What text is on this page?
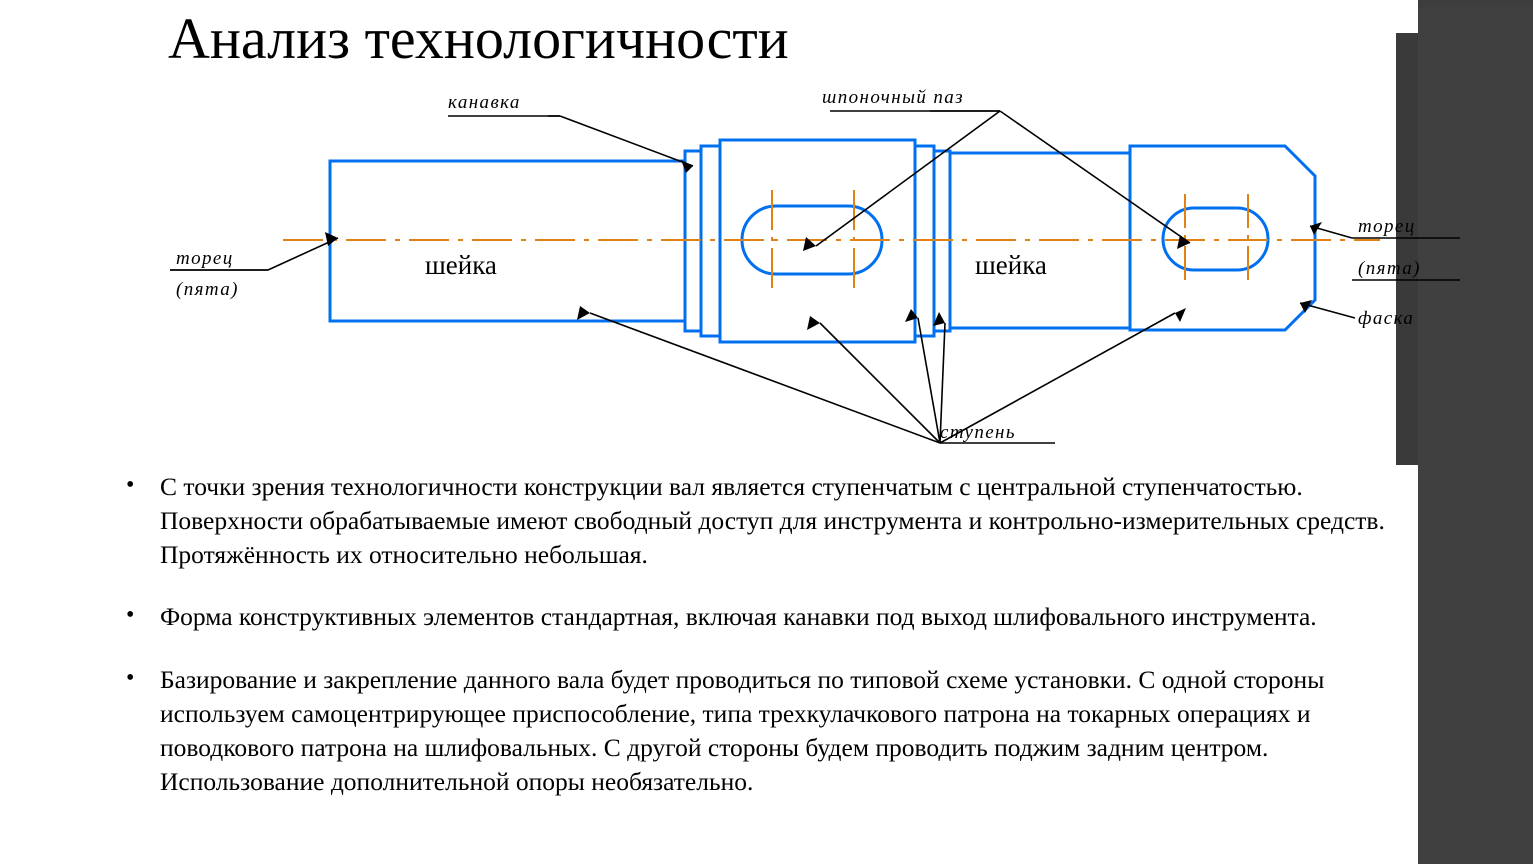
Анализ технологичности
канавка	шпоночный паз
торец
(пята)
торец
(пята)
фаска
ступень
шейка	шейка
• С точки зрения технологичности конструкции вал является ступенчатым с центральной ступенчатостью. Поверхности обрабатываемые имеют свободный доступ для инструмента и контрольно-измерительных средств. Протяжённость их относительно небольшая.
• Форма конструктивных элементов стандартная, включая канавки под выход шлифовального инструмента.
• Базирование и закрепление данного вала будет проводиться по типовой схеме установки. С одной стороны используем самоцентрирующее приспособление, типа трехкулачкового патрона на токарных операциях и поводкового патрона на шлифовальных. С другой стороны будем проводить поджим задним центром. Использование дополнительной опоры необязательно.
